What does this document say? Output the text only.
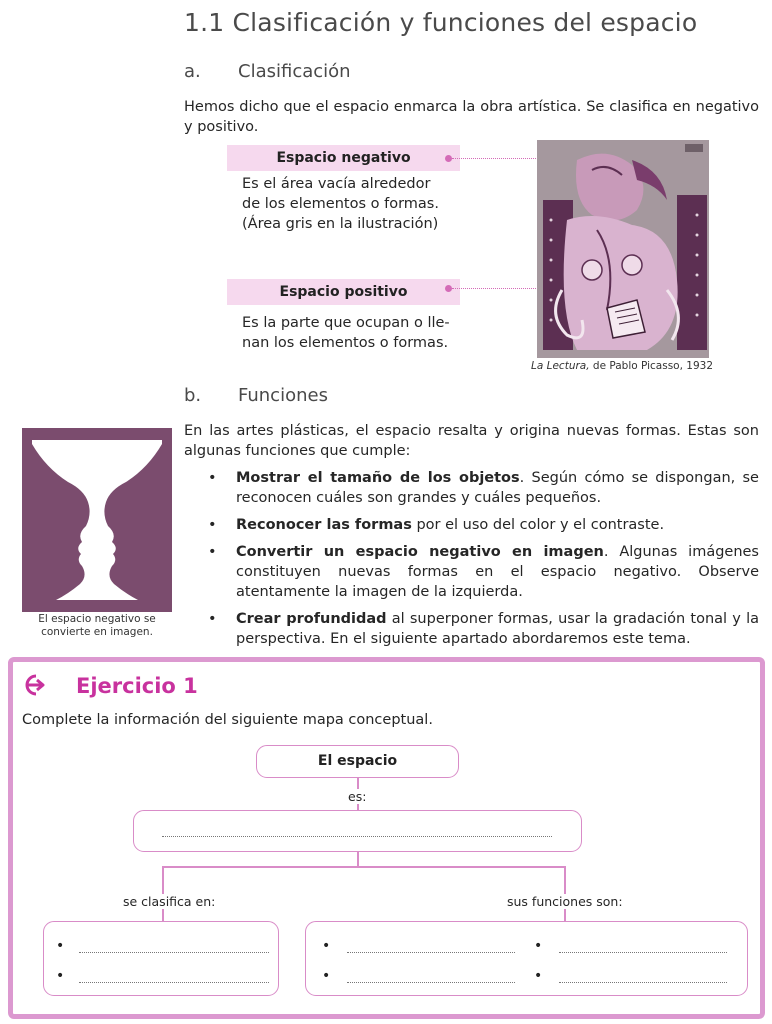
1.1 Clasificación y funciones del espacio
a. Clasificación
Hemos dicho que el espacio enmarca la obra artística. Se clasifica en negativo y positivo.
Espacio negativo
Es el área vacía alrededor
de los elementos o formas.
(Área gris en la ilustración)
Espacio positivo
Es la parte que ocupan o lle-
nan los elementos o formas.
La Lectura, de Pablo Picasso, 1932
b. Funciones
El espacio negativo se
convierte en imagen.
En las artes plásticas, el espacio resalta y origina nuevas formas. Estas son algunas funciones que cumple:
• Mostrar el tamaño de los objetos. Según cómo se dispongan, se reconocen cuáles son grandes y cuáles pequeños.
• Reconocer las formas por el uso del color y el contraste.
• Convertir un espacio negativo en imagen. Algunas imágenes constituyen nuevas formas en el espacio negativo. Observe atentamente la imagen de la izquierda.
• Crear profundidad al superponer formas, usar la gradación tonal y la perspectiva. En el siguiente apartado abordaremos este tema.
Ejercicio 1
Complete la información del siguiente mapa conceptual.
El espacio
es:
se clasifica en:	sus funciones son:
•
•
•	•
•	•
